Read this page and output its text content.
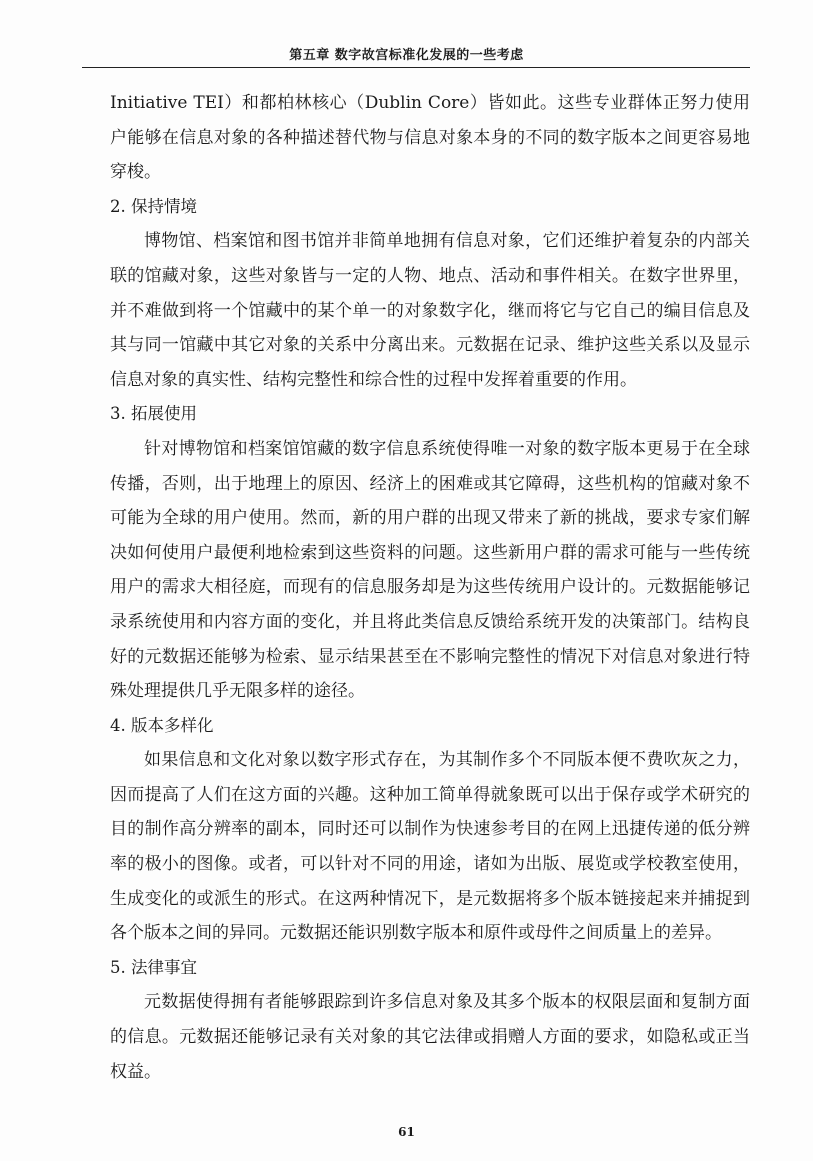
第五章 数字故宫标准化发展的一些考虑

Initiative TEI）和都柏林核心（Dublin Core）皆如此。这些专业群体正努力使用户能够在信息对象的各种描述替代物与信息对象本身的不同的数字版本之间更容易地穿梭。

2. 保持情境

博物馆、档案馆和图书馆并非简单地拥有信息对象，它们还维护着复杂的内部关联的馆藏对象，这些对象皆与一定的人物、地点、活动和事件相关。在数字世界里，并不难做到将一个馆藏中的某个单一的对象数字化，继而将它与它自己的编目信息及其与同一馆藏中其它对象的关系中分离出来。元数据在记录、维护这些关系以及显示信息对象的真实性、结构完整性和综合性的过程中发挥着重要的作用。

3. 拓展使用

针对博物馆和档案馆馆藏的数字信息系统使得唯一对象的数字版本更易于在全球传播，否则，出于地理上的原因、经济上的困难或其它障碍，这些机构的馆藏对象不可能为全球的用户使用。然而，新的用户群的出现又带来了新的挑战，要求专家们解决如何使用户最便利地检索到这些资料的问题。这些新用户群的需求可能与一些传统用户的需求大相径庭，而现有的信息服务却是为这些传统用户设计的。元数据能够记录系统使用和内容方面的变化，并且将此类信息反馈给系统开发的决策部门。结构良好的元数据还能够为检索、显示结果甚至在不影响完整性的情况下对信息对象进行特殊处理提供几乎无限多样的途径。

4. 版本多样化

如果信息和文化对象以数字形式存在，为其制作多个不同版本便不费吹灰之力，因而提高了人们在这方面的兴趣。这种加工简单得就象既可以出于保存或学术研究的目的制作高分辨率的副本，同时还可以制作为快速参考目的在网上迅捷传递的低分辨率的极小的图像。或者，可以针对不同的用途，诸如为出版、展览或学校教室使用，生成变化的或派生的形式。在这两种情况下，是元数据将多个版本链接起来并捕捉到各个版本之间的异同。元数据还能识别数字版本和原件或母件之间质量上的差异。

5. 法律事宜

元数据使得拥有者能够跟踪到许多信息对象及其多个版本的权限层面和复制方面的信息。元数据还能够记录有关对象的其它法律或捐赠人方面的要求，如隐私或正当权益。

61
